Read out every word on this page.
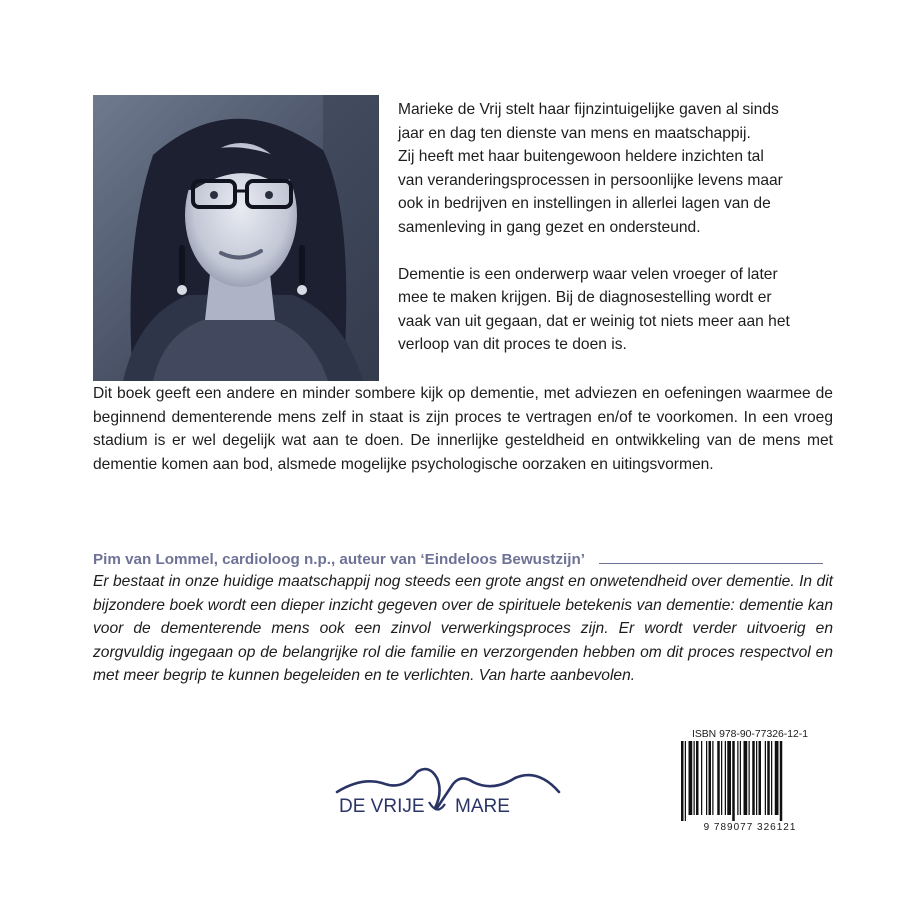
Marieke de Vrij stelt haar fijnzintuigelijke gaven al sinds
jaar en dag ten dienste van mens en maatschappij.
Zij heeft met haar buitengewoon heldere inzichten tal
van veranderingsprocessen in persoonlijke levens maar
ook in bedrijven en instellingen in allerlei lagen van de
samenleving in gang gezet en ondersteund.

Dementie is een onderwerp waar velen vroeger of later
mee te maken krijgen. Bij de diagnosestelling wordt er
vaak van uit gegaan, dat er weinig tot niets meer aan het
verloop van dit proces te doen is.

Dit boek geeft een andere en minder sombere kijk op dementie, met adviezen en oefeningen waarmee de beginnend dementerende mens zelf in staat is zijn proces te vertragen en/of te voorkomen. In een vroeg stadium is er wel degelijk wat aan te doen. De innerlijke gesteldheid en ontwikkeling van de mens met dementie komen aan bod, alsmede mogelijke psychologische oorzaken en uitingsvormen.

Pim van Lommel, cardioloog n.p., auteur van ‘Eindeloos Bewustzijn’

Er bestaat in onze huidige maatschappij nog steeds een grote angst en onwetendheid over dementie. In dit bijzondere boek wordt een dieper inzicht gegeven over de spirituele betekenis van dementie: dementie kan voor de dementerende mens ook een zinvol verwerkingsproces zijn. Er wordt verder uitvoerig en zorgvuldig ingegaan op de belangrijke rol die familie en verzorgenden hebben om dit proces respectvol en met meer begrip te kunnen begeleiden en te verlichten. Van harte aanbevolen.

DE VRIJE MARE
ISBN 978-90-77326-12-1
9 789077 326121
